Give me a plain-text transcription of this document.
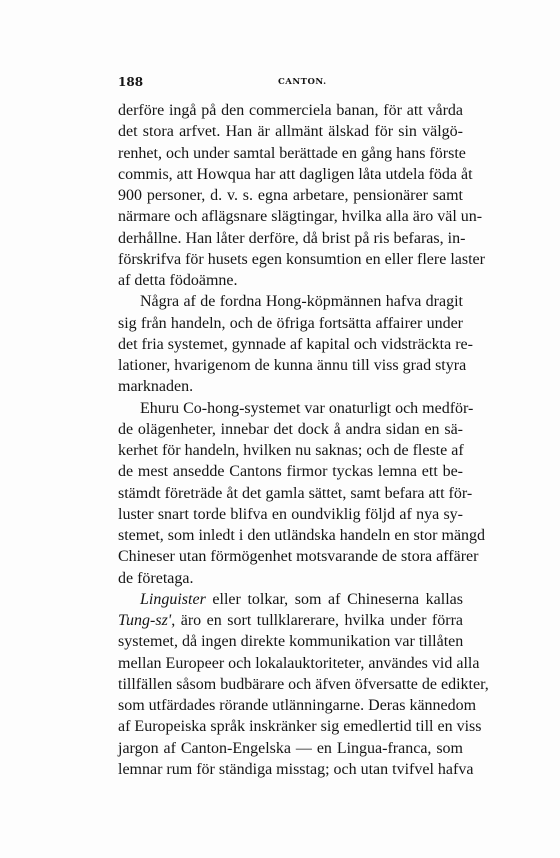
188	CANTON.
derföre ingå på den commerciela banan, för att vårda
det stora arfvet. Han är allmänt älskad för sin välgö-
renhet, och under samtal berättade en gång hans förste
commis, att Howqua har att dagligen låta utdela föda åt
900 personer, d. v. s. egna arbetare, pensionärer samt
närmare och aflägsnare slägtingar, hvilka alla äro väl un-
derhållne. Han låter derföre, då brist på ris befaras, in-
förskrifva för husets egen konsumtion en eller flere laster
af detta födoämne.
Några af de fordna Hong-köpmännen hafva dragit
sig från handeln, och de öfriga fortsätta affairer under
det fria systemet, gynnade af kapital och vidsträckta re-
lationer, hvarigenom de kunna ännu till viss grad styra
marknaden.
Ehuru Co-hong-systemet var onaturligt och medför-
de olägenheter, innebar det dock å andra sidan en sä-
kerhet för handeln, hvilken nu saknas; och de fleste af
de mest ansedde Cantons firmor tyckas lemna ett be-
stämdt företräde åt det gamla sättet, samt befara att för-
luster snart torde blifva en oundviklig följd af nya sy-
stemet, som inledt i den utländska handeln en stor mängd
Chineser utan förmögenhet motsvarande de stora affärer
de företaga.
Linguister eller tolkar, som af Chineserna kallas
Tung-sz', äro en sort tullklarerare, hvilka under förra
systemet, då ingen direkte kommunikation var tillåten
mellan Europeer och lokalauktoriteter, användes vid alla
tillfällen såsom budbärare och äfven öfversatte de edikter,
som utfärdades rörande utlänningarne. Deras kännedom
af Europeiska språk inskränker sig emedlertid till en viss
jargon af Canton-Engelska — en Lingua-franca, som
lemnar rum för ständiga misstag; och utan tvifvel hafva
